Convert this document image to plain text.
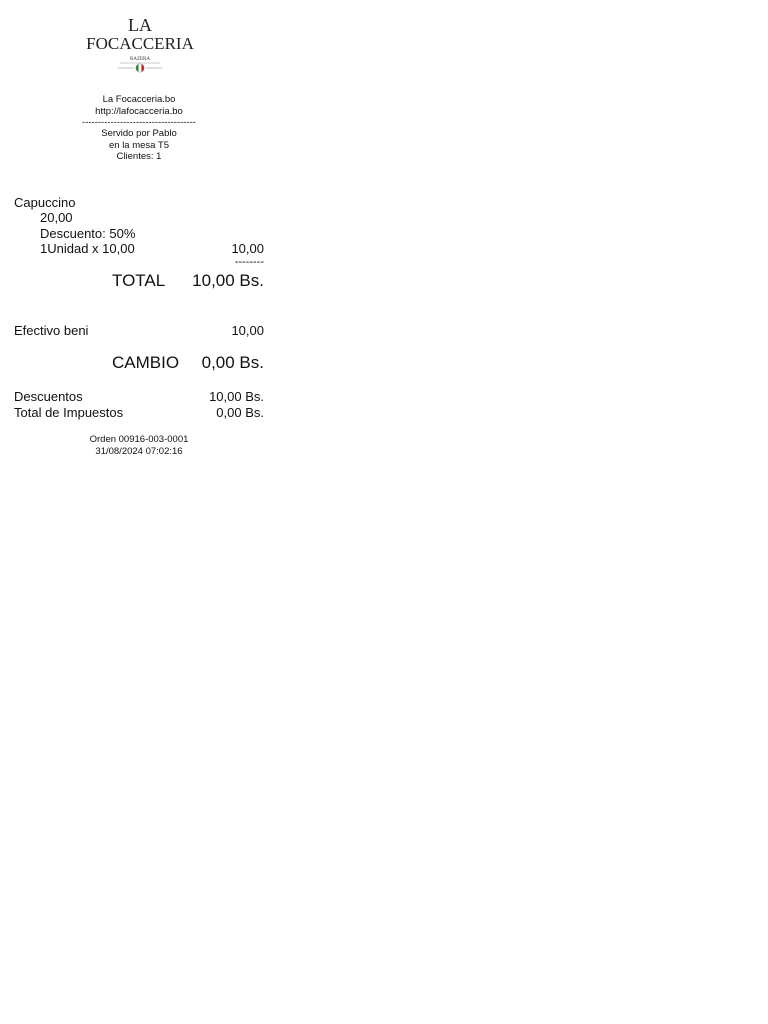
LA
FOCACCERIA
RAZERA
La Focacceria.bo
http://lafocacceria.bo
------------------------------------
Servido por Pablo
en la mesa T5
Clientes: 1
Capuccino
20,00
Descuento: 50%
1Unidad x 10,00	10,00
--------
TOTAL 10,00 Bs.
Efectivo beni	10,00
CAMBIO 0,00 Bs.
Descuentos	10,00 Bs.
Total de Impuestos	0,00 Bs.
Orden 00916-003-0001
31/08/2024 07:02:16
